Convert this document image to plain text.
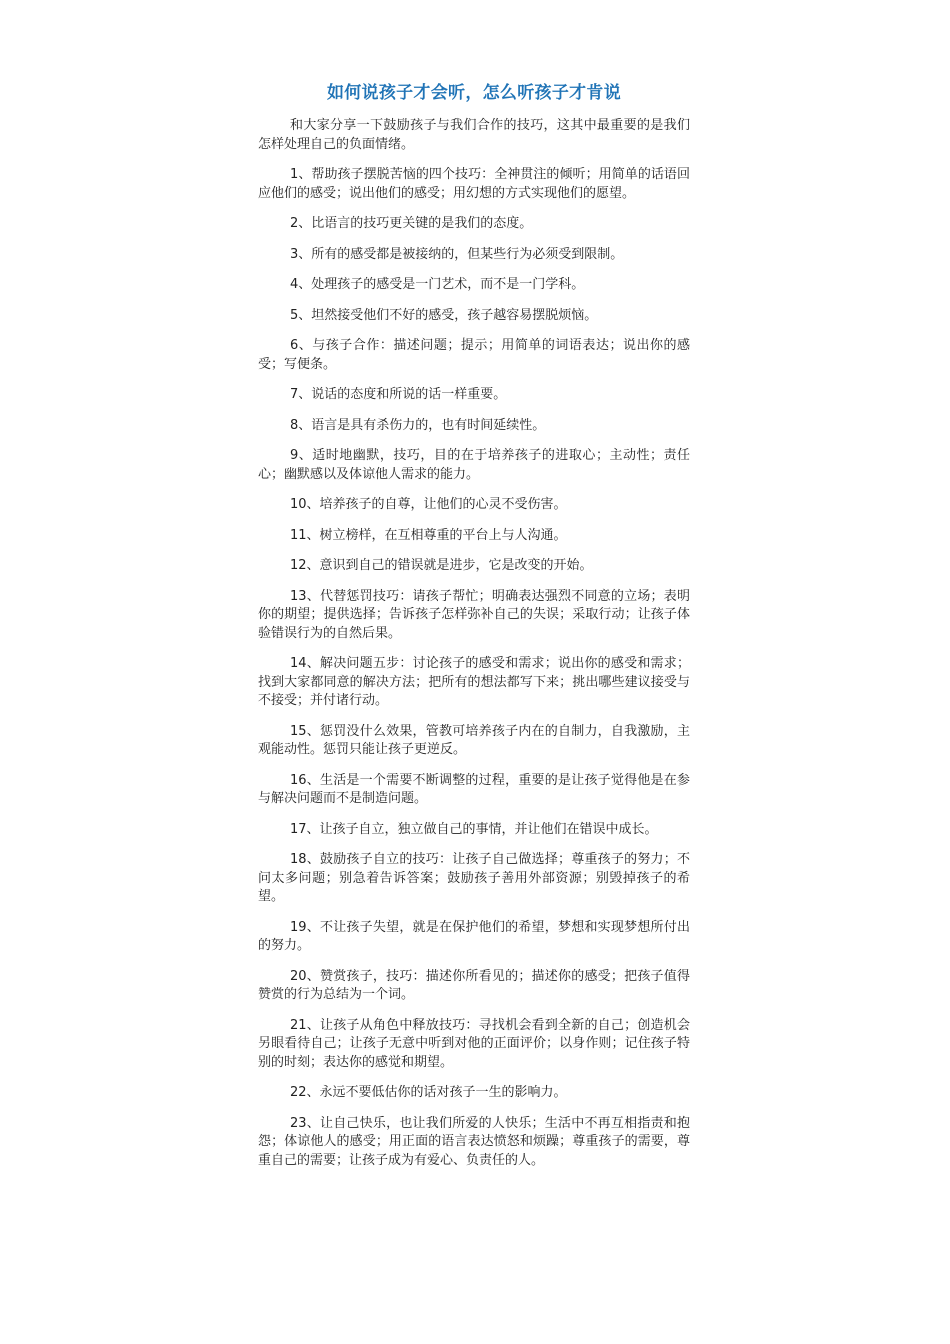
如何说孩子才会听，怎么听孩子才肯说

和大家分享一下鼓励孩子与我们合作的技巧，这其中最重要的是我们怎样处理自己的负面情绪。

1、帮助孩子摆脱苦恼的四个技巧：全神贯注的倾听；用简单的话语回应他们的感受；说出他们的感受；用幻想的方式实现他们的愿望。

2、比语言的技巧更关键的是我们的态度。

3、所有的感受都是被接纳的，但某些行为必须受到限制。

4、处理孩子的感受是一门艺术，而不是一门学科。

5、坦然接受他们不好的感受，孩子越容易摆脱烦恼。

6、与孩子合作：描述问题；提示；用简单的词语表达；说出你的感受；写便条。

7、说话的态度和所说的话一样重要。

8、语言是具有杀伤力的，也有时间延续性。

9、适时地幽默，技巧，目的在于培养孩子的进取心；主动性；责任心；幽默感以及体谅他人需求的能力。

10、培养孩子的自尊，让他们的心灵不受伤害。

11、树立榜样，在互相尊重的平台上与人沟通。

12、意识到自己的错误就是进步，它是改变的开始。

13、代替惩罚技巧：请孩子帮忙；明确表达强烈不同意的立场；表明你的期望；提供选择；告诉孩子怎样弥补自己的失误；采取行动；让孩子体验错误行为的自然后果。

14、解决问题五步：讨论孩子的感受和需求；说出你的感受和需求；找到大家都同意的解决方法；把所有的想法都写下来；挑出哪些建议接受与不接受；并付诸行动。

15、惩罚没什么效果，管教可培养孩子内在的自制力，自我激励，主观能动性。惩罚只能让孩子更逆反。

16、生活是一个需要不断调整的过程，重要的是让孩子觉得他是在参与解决问题而不是制造问题。

17、让孩子自立，独立做自己的事情，并让他们在错误中成长。

18、鼓励孩子自立的技巧：让孩子自己做选择；尊重孩子的努力；不问太多问题；别急着告诉答案；鼓励孩子善用外部资源；别毁掉孩子的希望。

19、不让孩子失望，就是在保护他们的希望，梦想和实现梦想所付出的努力。

20、赞赏孩子，技巧：描述你所看见的；描述你的感受；把孩子值得赞赏的行为总结为一个词。

21、让孩子从角色中释放技巧：寻找机会看到全新的自己；创造机会另眼看待自己；让孩子无意中听到对他的正面评价；以身作则；记住孩子特别的时刻；表达你的感觉和期望。

22、永远不要低估你的话对孩子一生的影响力。

23、让自己快乐，也让我们所爱的人快乐；生活中不再互相指责和抱怨；体谅他人的感受；用正面的语言表达愤怒和烦躁；尊重孩子的需要，尊重自己的需要；让孩子成为有爱心、负责任的人。
